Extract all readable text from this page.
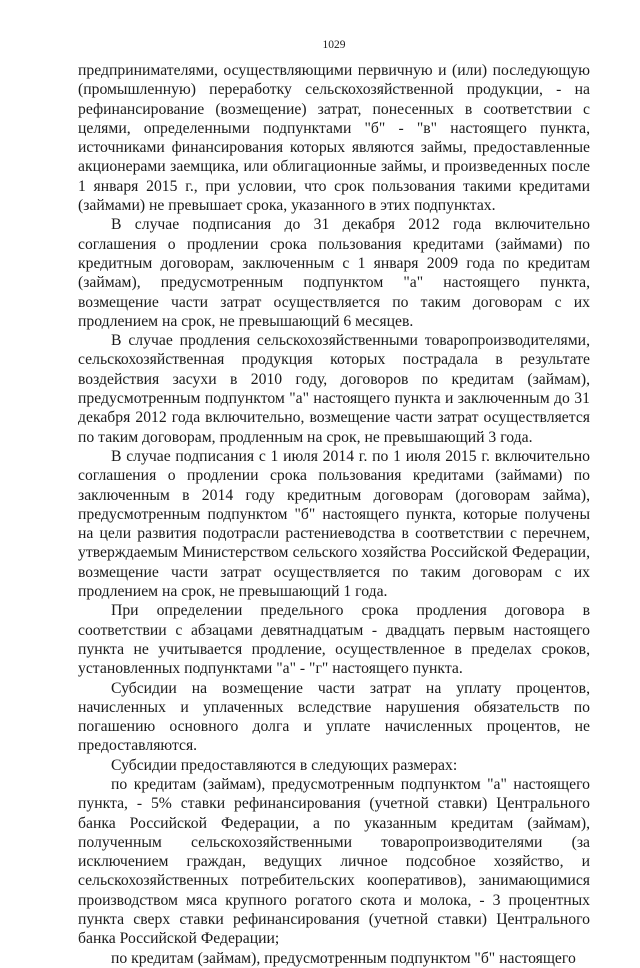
1029

предпринимателями, осуществляющими первичную и (или) последующую (промышленную) переработку сельскохозяйственной продукции, - на рефинансирование (возмещение) затрат, понесенных в соответствии с целями, определенными подпунктами "б" - "в" настоящего пункта, источниками финансирования которых являются займы, предоставленные акционерами заемщика, или облигационные займы, и произведенных после 1 января 2015 г., при условии, что срок пользования такими кредитами (займами) не превышает срока, указанного в этих подпунктах.

В случае подписания до 31 декабря 2012 года включительно соглашения о продлении срока пользования кредитами (займами) по кредитным договорам, заключенным с 1 января 2009 года по кредитам (займам), предусмотренным подпунктом "а" настоящего пункта, возмещение части затрат осуществляется по таким договорам с их продлением на срок, не превышающий 6 месяцев.

В случае продления сельскохозяйственными товаропроизводителями, сельскохозяйственная продукция которых пострадала в результате воздействия засухи в 2010 году, договоров по кредитам (займам), предусмотренным подпунктом "а" настоящего пункта и заключенным до 31 декабря 2012 года включительно, возмещение части затрат осуществляется по таким договорам, продленным на срок, не превышающий 3 года.

В случае подписания с 1 июля 2014 г. по 1 июля 2015 г. включительно соглашения о продлении срока пользования кредитами (займами) по заключенным в 2014 году кредитным договорам (договорам займа), предусмотренным подпунктом "б" настоящего пункта, которые получены на цели развития подотрасли растениеводства в соответствии с перечнем, утверждаемым Министерством сельского хозяйства Российской Федерации, возмещение части затрат осуществляется по таким договорам с их продлением на срок, не превышающий 1 года.

При определении предельного срока продления договора в соответствии с абзацами девятнадцатым - двадцать первым настоящего пункта не учитывается продление, осуществленное в пределах сроков, установленных подпунктами "а" - "г" настоящего пункта.

Субсидии на возмещение части затрат на уплату процентов, начисленных и уплаченных вследствие нарушения обязательств по погашению основного долга и уплате начисленных процентов, не предоставляются.

Субсидии предоставляются в следующих размерах:

по кредитам (займам), предусмотренным подпунктом "а" настоящего пункта, - 5% ставки рефинансирования (учетной ставки) Центрального банка Российской Федерации, а по указанным кредитам (займам), полученным сельскохозяйственными товаропроизводителями (за исключением граждан, ведущих личное подсобное хозяйство, и сельскохозяйственных потребительских кооперативов), занимающимися производством мяса крупного рогатого скота и молока, - 3 процентных пункта сверх ставки рефинансирования (учетной ставки) Центрального банка Российской Федерации;

по кредитам (займам), предусмотренным подпунктом "б" настоящего
